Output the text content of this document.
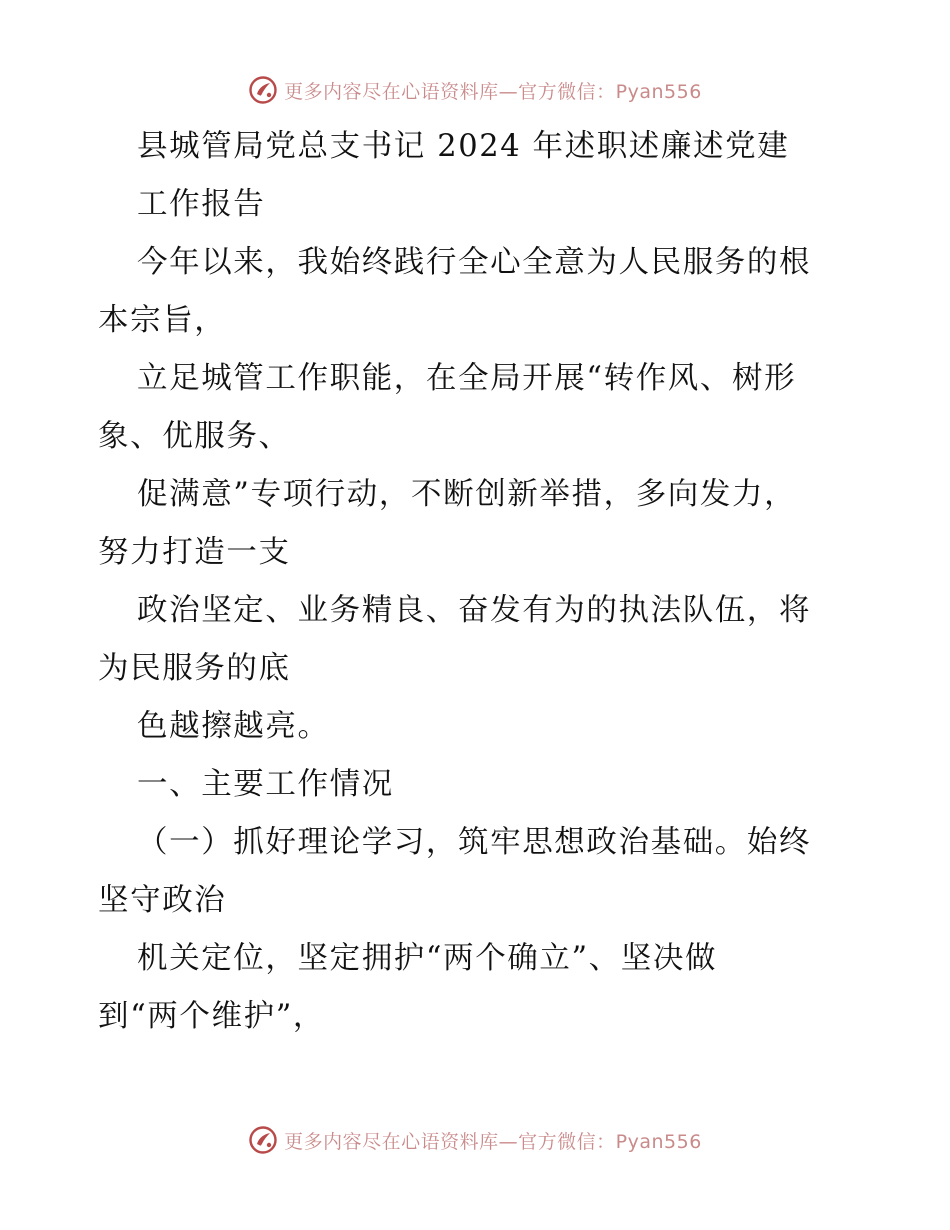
更多内容尽在心语资料库—官方微信：Pyan556
县城管局党总支书记 2024 年述职述廉述党建
工作报告
今年以来，我始终践行全心全意为人民服务的根
本宗旨，
立足城管工作职能，在全局开展“转作风、树形
象、优服务、
促满意”专项行动，不断创新举措，多向发力，
努力打造一支
政治坚定、业务精良、奋发有为的执法队伍，将
为民服务的底
色越擦越亮。
一、主要工作情况
（一）抓好理论学习，筑牢思想政治基础。始终
坚守政治
机关定位，坚定拥护“两个确立”、坚决做
到“两个维护”，
更多内容尽在心语资料库—官方微信：Pyan556
